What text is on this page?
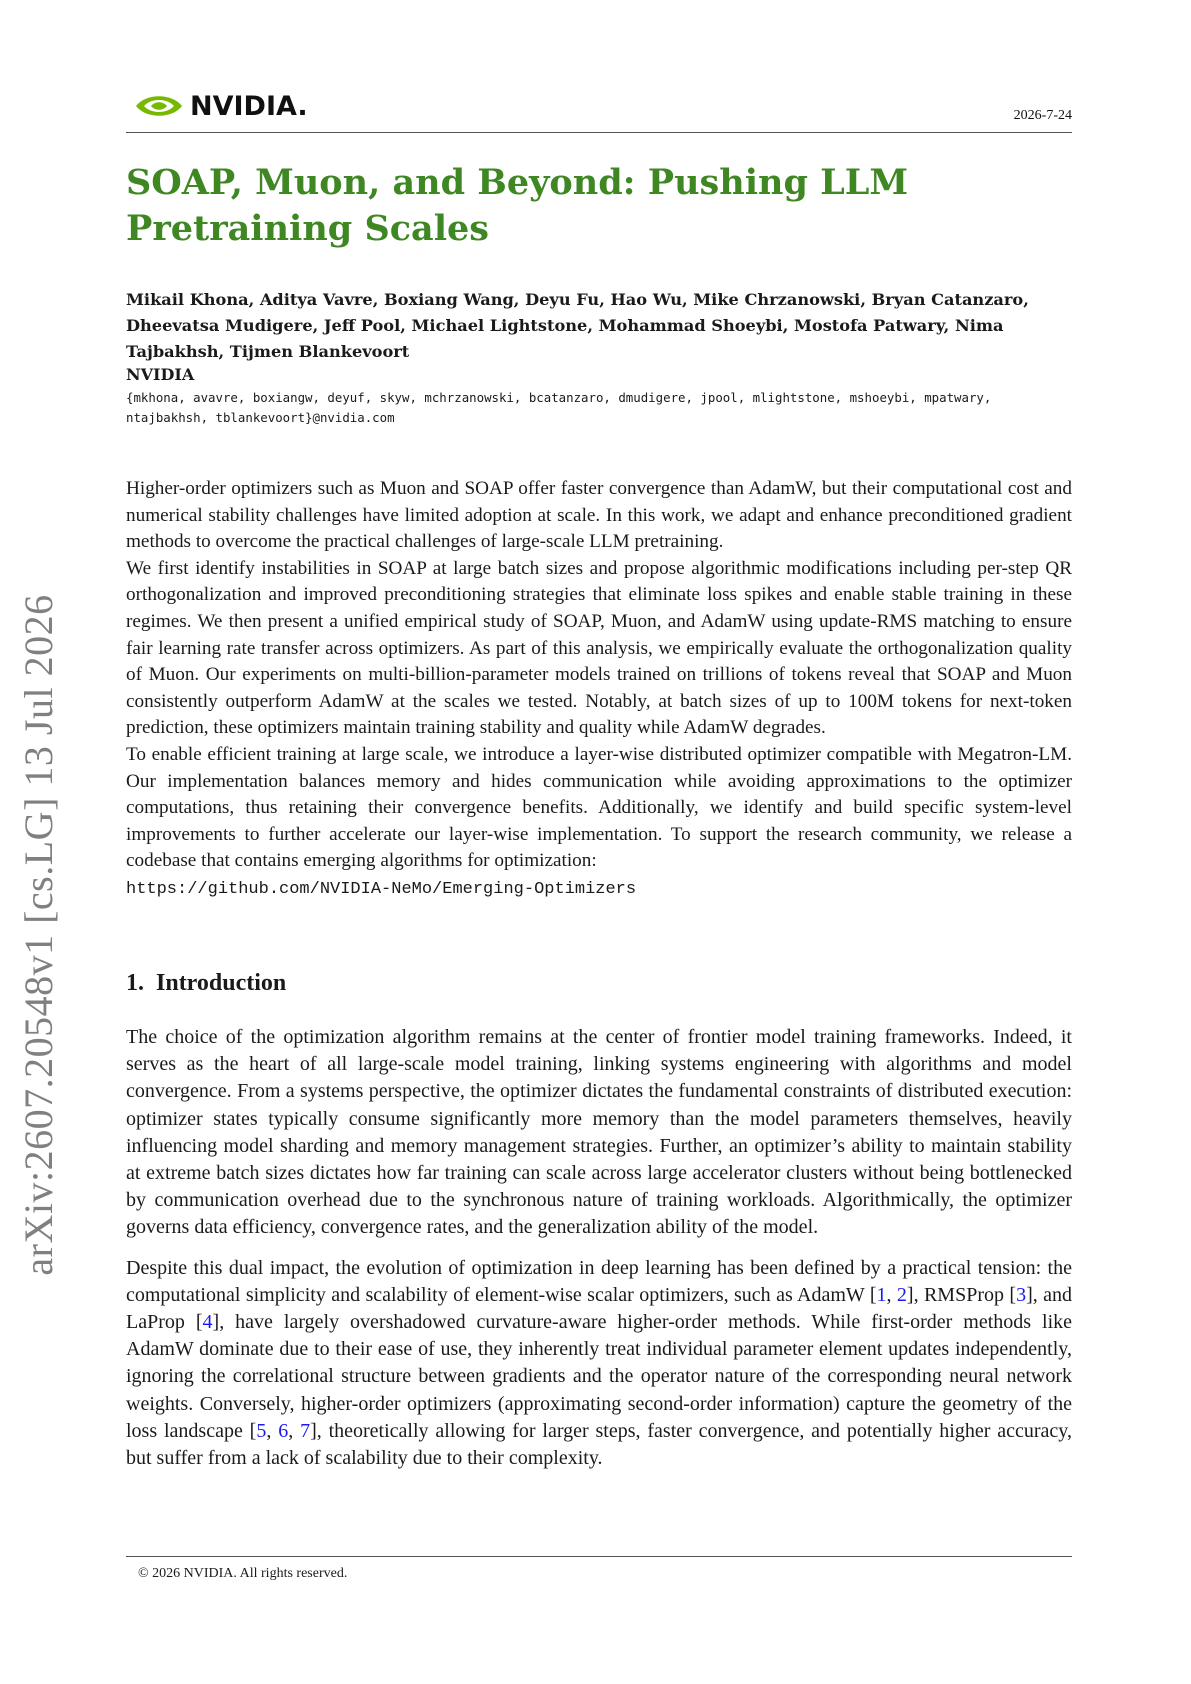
arXiv:2607.20548v1 [cs.LG] 13 Jul 2026
NVIDIA.	2026-7-24
SOAP, Muon, and Beyond: Pushing LLM Pretraining Scales
Mikail Khona, Aditya Vavre, Boxiang Wang, Deyu Fu, Hao Wu, Mike Chrzanowski, Bryan Catanzaro, Dheevatsa Mudigere, Jeff Pool, Michael Lightstone, Mohammad Shoeybi, Mostofa Patwary, Nima Tajbakhsh, Tijmen Blankevoort
NVIDIA
{mkhona, avavre, boxiangw, deyuf, skyw, mchrzanowski, bcatanzaro, dmudigere, jpool, mlightstone, mshoeybi, mpatwary, ntajbakhsh, tblankevoort}@nvidia.com

Higher-order optimizers such as Muon and SOAP offer faster convergence than AdamW, but their computational cost and numerical stability challenges have limited adoption at scale. In this work, we adapt and enhance preconditioned gradient methods to overcome the practical challenges of large-scale LLM pretraining.

We first identify instabilities in SOAP at large batch sizes and propose algorithmic modifications including per-step QR orthogonalization and improved preconditioning strategies that eliminate loss spikes and enable stable training in these regimes. We then present a unified empirical study of SOAP, Muon, and AdamW using update-RMS matching to ensure fair learning rate transfer across optimizers. As part of this analysis, we empirically evaluate the orthogonalization quality of Muon. Our experiments on multi-billion-parameter models trained on trillions of tokens reveal that SOAP and Muon consistently outperform AdamW at the scales we tested. Notably, at batch sizes of up to 100M tokens for next-token prediction, these optimizers maintain training stability and quality while AdamW degrades.

To enable efficient training at large scale, we introduce a layer-wise distributed optimizer compatible with Megatron-LM. Our implementation balances memory and hides communication while avoiding approximations to the optimizer computations, thus retaining their convergence benefits. Additionally, we identify and build specific system-level improvements to further accelerate our layer-wise implementation. To support the research community, we release a codebase that contains emerging algorithms for optimization:

https://github.com/NVIDIA-NeMo/Emerging-Optimizers

1. Introduction

The choice of the optimization algorithm remains at the center of frontier model training frameworks. Indeed, it serves as the heart of all large-scale model training, linking systems engineering with algorithms and model convergence. From a systems perspective, the optimizer dictates the fundamental constraints of distributed execution: optimizer states typically consume significantly more memory than the model parameters themselves, heavily influencing model sharding and memory management strategies. Further, an optimizer’s ability to maintain stability at extreme batch sizes dictates how far training can scale across large accelerator clusters without being bottlenecked by communication overhead due to the synchronous nature of training workloads. Algorithmically, the optimizer governs data efficiency, convergence rates, and the generalization ability of the model.

Despite this dual impact, the evolution of optimization in deep learning has been defined by a practical tension: the computational simplicity and scalability of element-wise scalar optimizers, such as AdamW [1, 2], RMSProp [3], and LaProp [4], have largely overshadowed curvature-aware higher-order methods. While first-order methods like AdamW dominate due to their ease of use, they inherently treat individual parameter element updates independently, ignoring the correlational structure between gradients and the operator nature of the corresponding neural network weights. Conversely, higher-order optimizers (approximating second-order information) capture the geometry of the loss landscape [5, 6, 7], theoretically allowing for larger steps, faster convergence, and potentially higher accuracy, but suffer from a lack of scalability due to their complexity.

© 2026 NVIDIA. All rights reserved.
